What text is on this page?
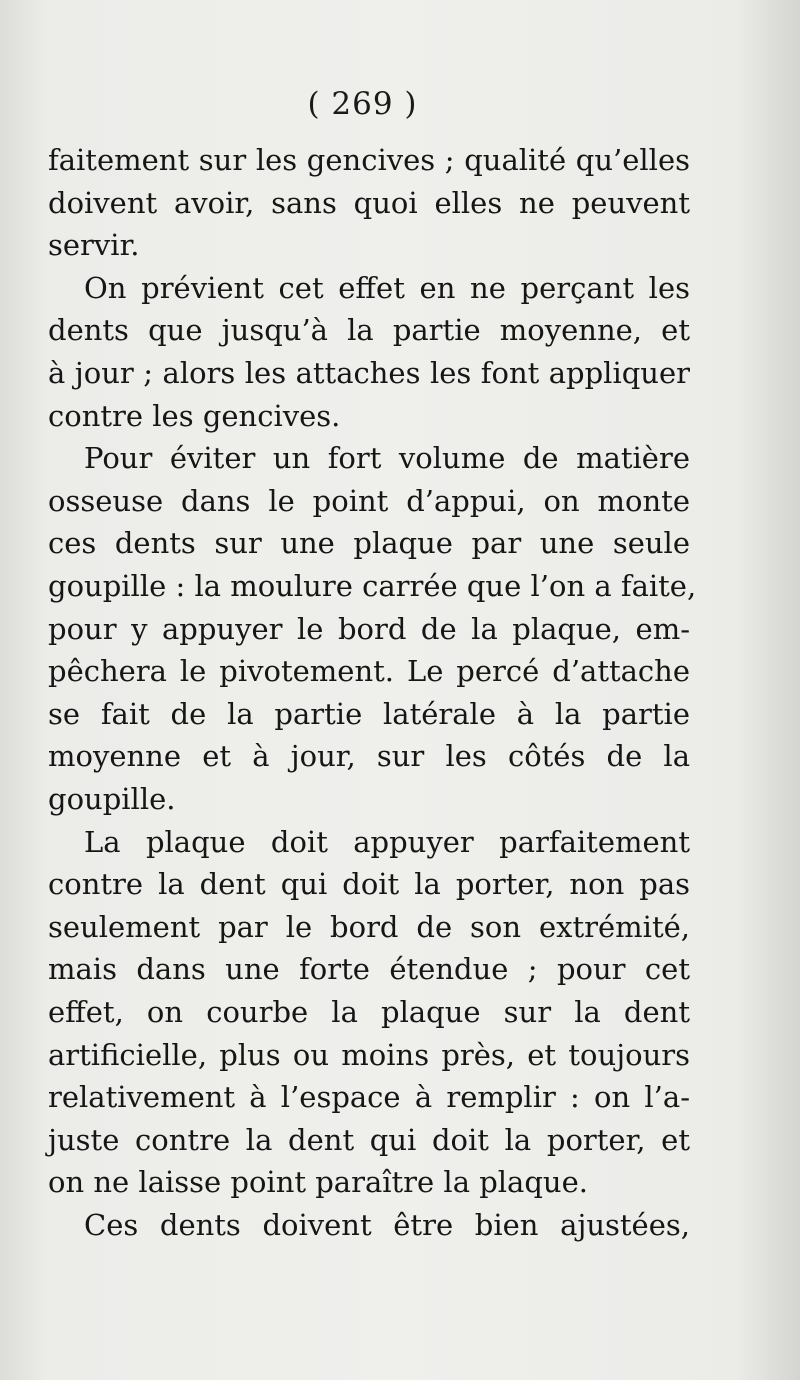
( 269 )
faitement sur les gencives ; qualité qu’elles
doivent avoir, sans quoi elles ne peuvent
servir.
On prévient cet effet en ne perçant les
dents que jusqu’à la partie moyenne, et
à jour ; alors les attaches les font appliquer
contre les gencives.
Pour éviter un fort volume de matière
osseuse dans le point d’appui, on monte
ces dents sur une plaque par une seule
goupille : la moulure carrée que l’on a faite,
pour y appuyer le bord de la plaque, em-
pêchera le pivotement. Le percé d’attache
se fait de la partie latérale à la partie
moyenne et à jour, sur les côtés de la
goupille.
La plaque doit appuyer parfaitement
contre la dent qui doit la porter, non pas
seulement par le bord de son extrémité,
mais dans une forte étendue ; pour cet
effet, on courbe la plaque sur la dent
artificielle, plus ou moins près, et toujours
relativement à l’espace à remplir : on l’a-
juste contre la dent qui doit la porter, et
on ne laisse point paraître la plaque.
Ces dents doivent être bien ajustées,
